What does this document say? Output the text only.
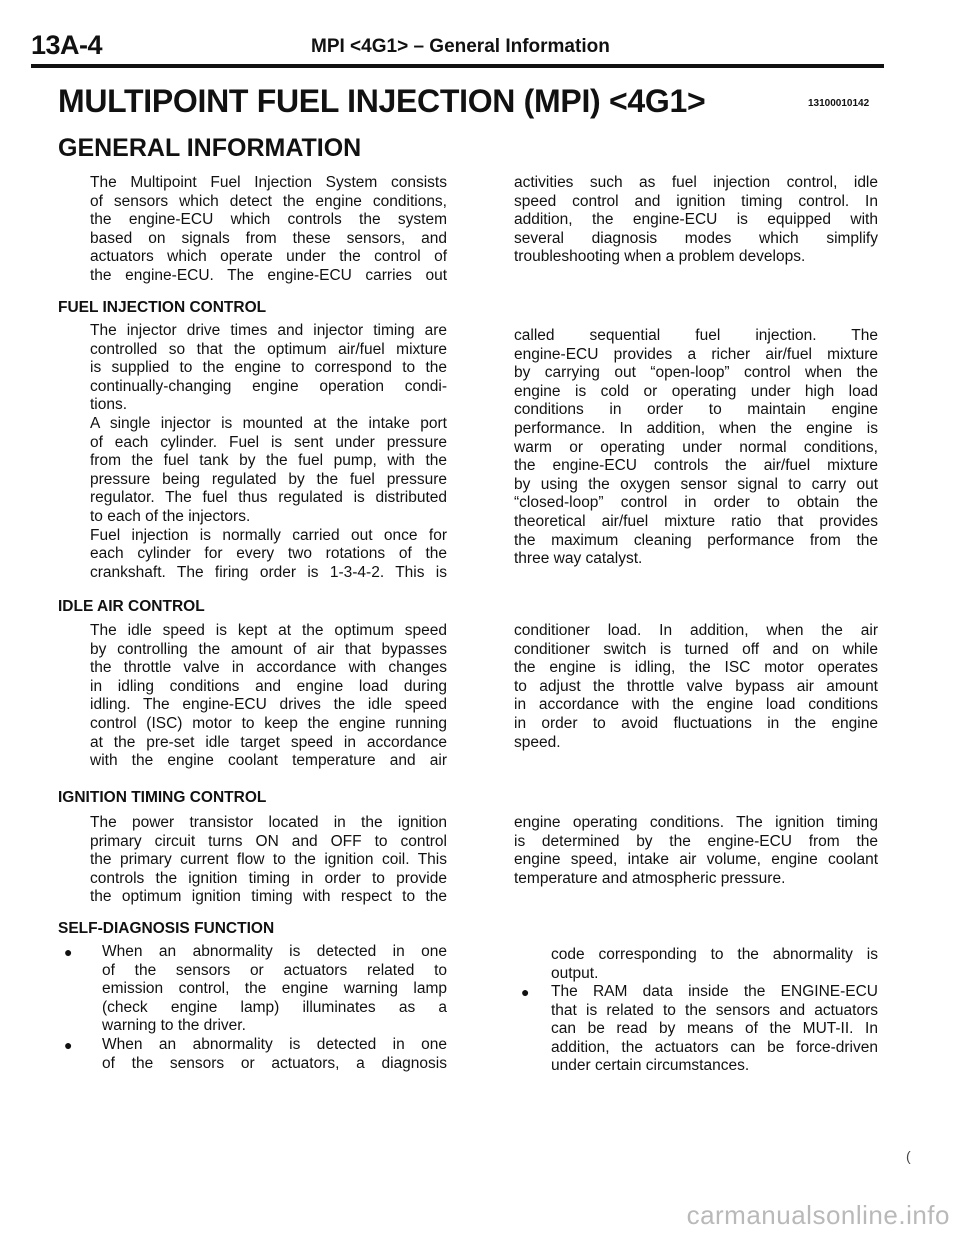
13A-4	MPI <4G1> – General Information
MULTIPOINT FUEL INJECTION (MPI) <4G1>	13100010142
GENERAL INFORMATION
The Multipoint Fuel Injection System consists
of sensors which detect the engine conditions,
the engine-ECU which controls the system
based on signals from these sensors, and
actuators which operate under the control of
the engine-ECU. The engine-ECU carries out
activities such as fuel injection control, idle
speed control and ignition timing control. In
addition, the engine-ECU is equipped with
several diagnosis modes which simplify
troubleshooting when a problem develops.
FUEL INJECTION CONTROL
The injector drive times and injector timing are
controlled so that the optimum air/fuel mixture
is supplied to the engine to correspond to the
continually-changing engine operation condi-
tions.
A single injector is mounted at the intake port
of each cylinder. Fuel is sent under pressure
from the fuel tank by the fuel pump, with the
pressure being regulated by the fuel pressure
regulator. The fuel thus regulated is distributed
to each of the injectors.
Fuel injection is normally carried out once for
each cylinder for every two rotations of the
crankshaft. The firing order is 1-3-4-2. This is
called sequential fuel injection. The
engine-ECU provides a richer air/fuel mixture
by carrying out “open-loop” control when the
engine is cold or operating under high load
conditions in order to maintain engine
performance. In addition, when the engine is
warm or operating under normal conditions,
the engine-ECU controls the air/fuel mixture
by using the oxygen sensor signal to carry out
“closed-loop” control in order to obtain the
theoretical air/fuel mixture ratio that provides
the maximum cleaning performance from the
three way catalyst.
IDLE AIR CONTROL
The idle speed is kept at the optimum speed
by controlling the amount of air that bypasses
the throttle valve in accordance with changes
in idling conditions and engine load during
idling. The engine-ECU drives the idle speed
control (ISC) motor to keep the engine running
at the pre-set idle target speed in accordance
with the engine coolant temperature and air
conditioner load. In addition, when the air
conditioner switch is turned off and on while
the engine is idling, the ISC motor operates
to adjust the throttle valve bypass air amount
in accordance with the engine load conditions
in order to avoid fluctuations in the engine
speed.
IGNITION TIMING CONTROL
The power transistor located in the ignition
primary circuit turns ON and OFF to control
the primary current flow to the ignition coil. This
controls the ignition timing in order to provide
the optimum ignition timing with respect to the
engine operating conditions. The ignition timing
is determined by the engine-ECU from the
engine speed, intake air volume, engine coolant
temperature and atmospheric pressure.
SELF-DIAGNOSIS FUNCTION
● When an abnormality is detected in one
of the sensors or actuators related to
emission control, the engine warning lamp
(check engine lamp) illuminates as a
warning to the driver.
● When an abnormality is detected in one
of the sensors or actuators, a diagnosis
code corresponding to the abnormality is
output.
● The RAM data inside the ENGINE-ECU
that is related to the sensors and actuators
can be read by means of the MUT-II. In
addition, the actuators can be force-driven
under certain circumstances.
(
carmanualsonline.info
